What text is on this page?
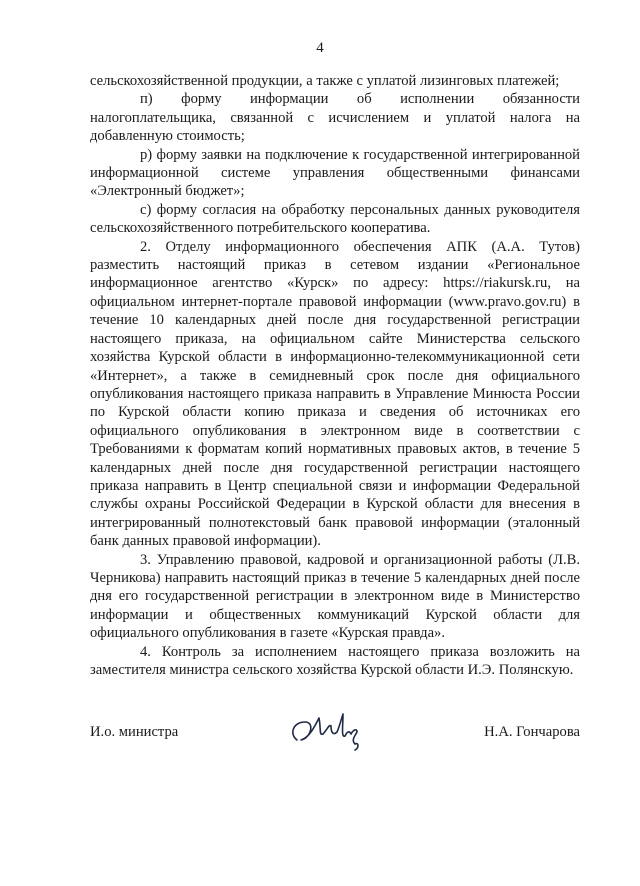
4

сельскохозяйственной продукции, а также с уплатой лизинговых платежей;

п) форму информации об исполнении обязанности налогоплательщика, связанной с исчислением и уплатой налога на добавленную стоимость;

р) форму заявки на подключение к государственной интегрированной информационной системе управления общественными финансами «Электронный бюджет»;

с) форму согласия на обработку персональных данных руководителя сельскохозяйственного потребительского кооператива.

2. Отделу информационного обеспечения АПК (А.А. Тутов) разместить настоящий приказ в сетевом издании «Региональное информационное агентство «Курск» по адресу: https://riakursk.ru, на официальном интернет-портале правовой информации (www.pravo.gov.ru) в течение 10 календарных дней после дня государственной регистрации настоящего приказа, на официальном сайте Министерства сельского хозяйства Курской области в информационно-телекоммуникационной сети «Интернет», а также в семидневный срок после дня официального опубликования настоящего приказа направить в Управление Минюста России по Курской области копию приказа и сведения об источниках его официального опубликования в электронном виде в соответствии с Требованиями к форматам копий нормативных правовых актов, в течение 5 календарных дней после дня государственной регистрации настоящего приказа направить в Центр специальной связи и информации Федеральной службы охраны Российской Федерации в Курской области для внесения в интегрированный полнотекстовый банк правовой информации (эталонный банк данных правовой информации).

3. Управлению правовой, кадровой и организационной работы (Л.В. Черникова) направить настоящий приказ в течение 5 календарных дней после дня его государственной регистрации в электронном виде в Министерство информации и общественных коммуникаций Курской области для официального опубликования в газете «Курская правда».

4. Контроль за исполнением настоящего приказа возложить на заместителя министра сельского хозяйства Курской области И.Э. Полянскую.

И.о. министра	Н.А. Гончарова
